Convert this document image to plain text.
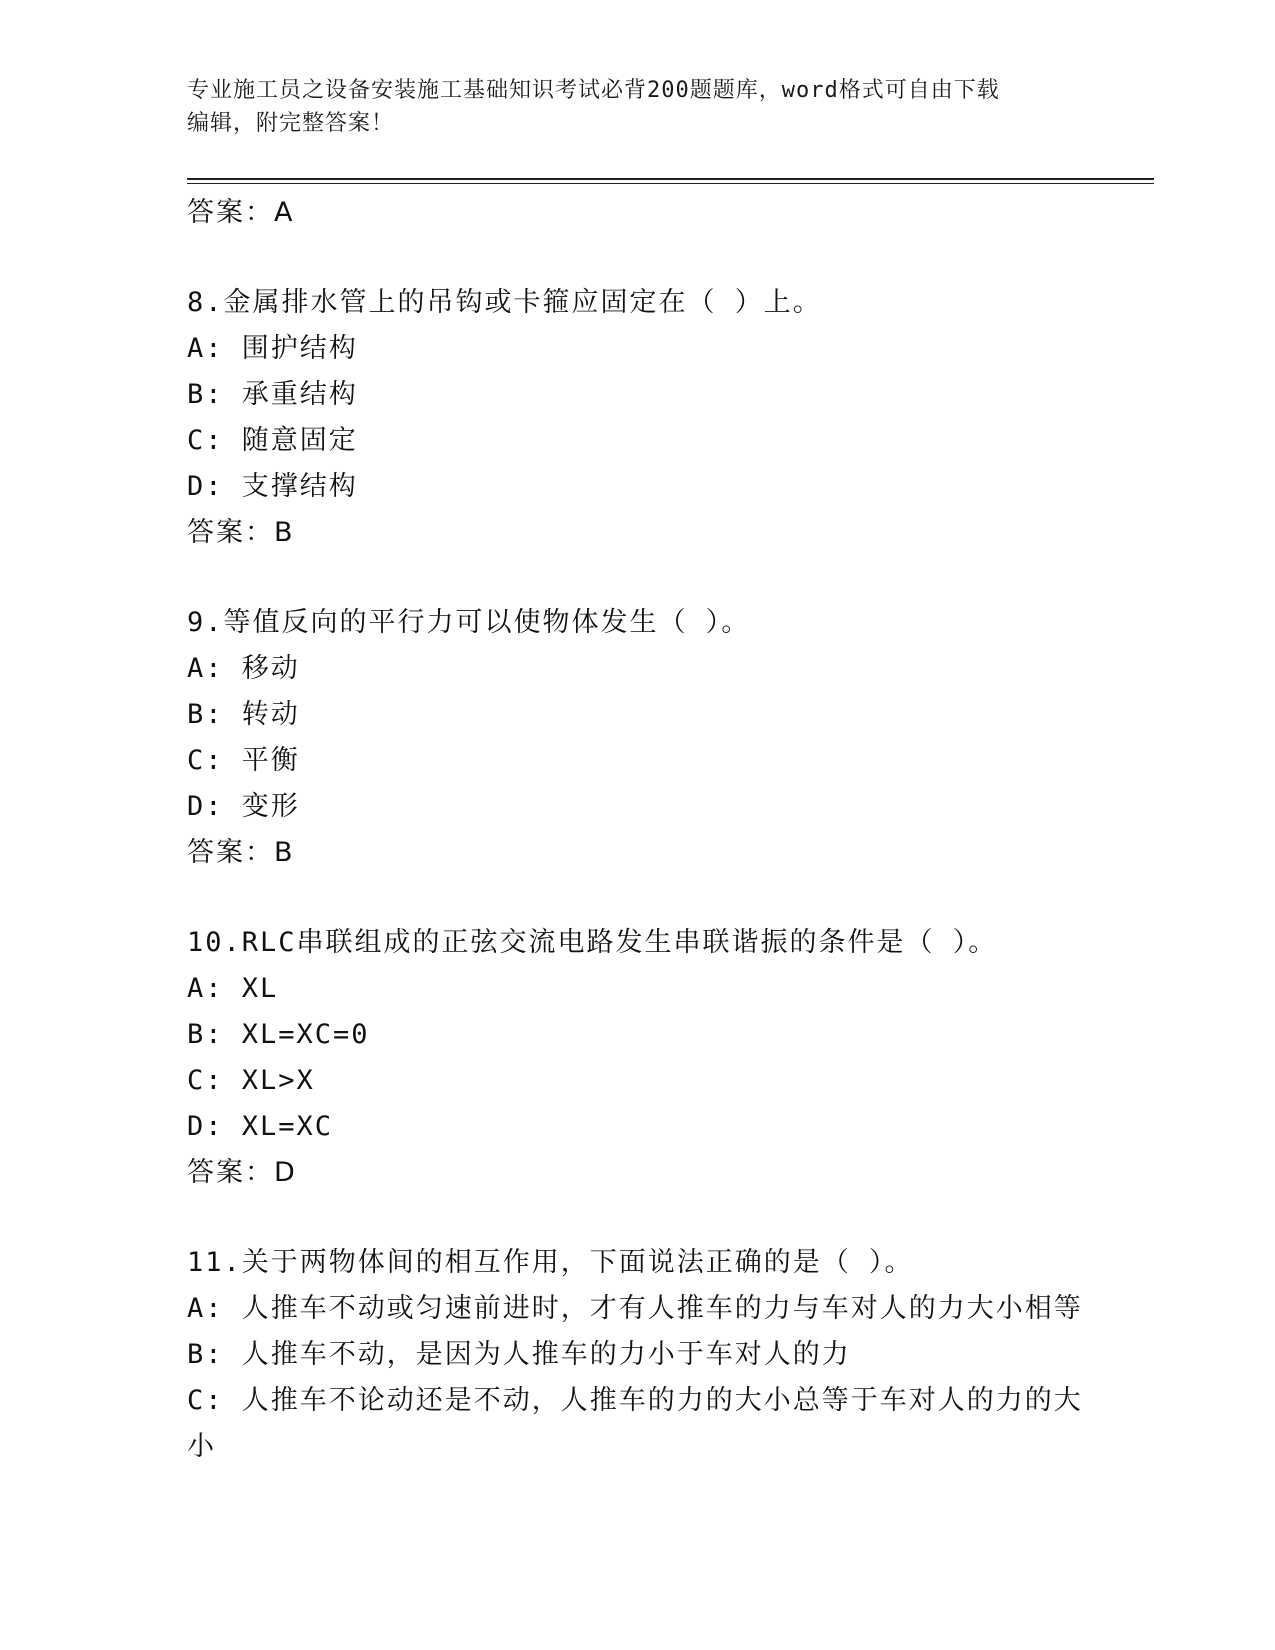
专业施工员之设备安装施工基础知识考试必背200题题库，word格式可自由下载
编辑，附完整答案！
答案：A
8.金属排水管上的吊钩或卡箍应固定在（ ）上。
A: 围护结构
B: 承重结构
C: 随意固定
D: 支撑结构
答案：B
9.等值反向的平行力可以使物体发生（ ）。
A: 移动
B: 转动
C: 平衡
D: 变形
答案：B
10.RLC串联组成的正弦交流电路发生串联谐振的条件是（ ）。
A: XL
B: XL=XC=0
C: XL>X
D: XL=XC
答案：D
11.关于两物体间的相互作用，下面说法正确的是（ ）。
A: 人推车不动或匀速前进时，才有人推车的力与车对人的力大小相等
B: 人推车不动，是因为人推车的力小于车对人的力
C: 人推车不论动还是不动，人推车的力的大小总等于车对人的力的大小
